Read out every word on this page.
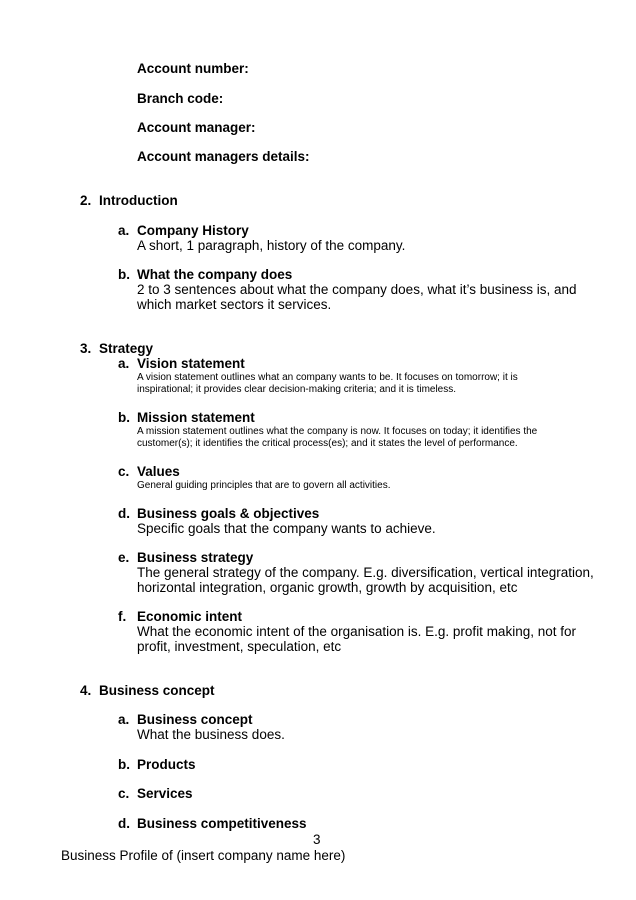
Account number:
Branch code:
Account manager:
Account managers details:
2. Introduction
a. Company History
A short, 1 paragraph, history of the company.
b. What the company does
2 to 3 sentences about what the company does, what it’s business is, and
which market sectors it services.
3. Strategy
a. Vision statement
A vision statement outlines what an company wants to be. It focuses on tomorrow; it is
inspirational; it provides clear decision-making criteria; and it is timeless.
b. Mission statement
A mission statement outlines what the company is now. It focuses on today; it identifies the
customer(s); it identifies the critical process(es); and it states the level of performance.
c. Values
General guiding principles that are to govern all activities.
d. Business goals & objectives
Specific goals that the company wants to achieve.
e. Business strategy
The general strategy of the company. E.g. diversification, vertical integration,
horizontal integration, organic growth, growth by acquisition, etc
f. Economic intent
What the economic intent of the organisation is. E.g. profit making, not for
profit, investment, speculation, etc
4. Business concept
a. Business concept
What the business does.
b. Products
c. Services
d. Business competitiveness
3
Business Profile of (insert company name here)
